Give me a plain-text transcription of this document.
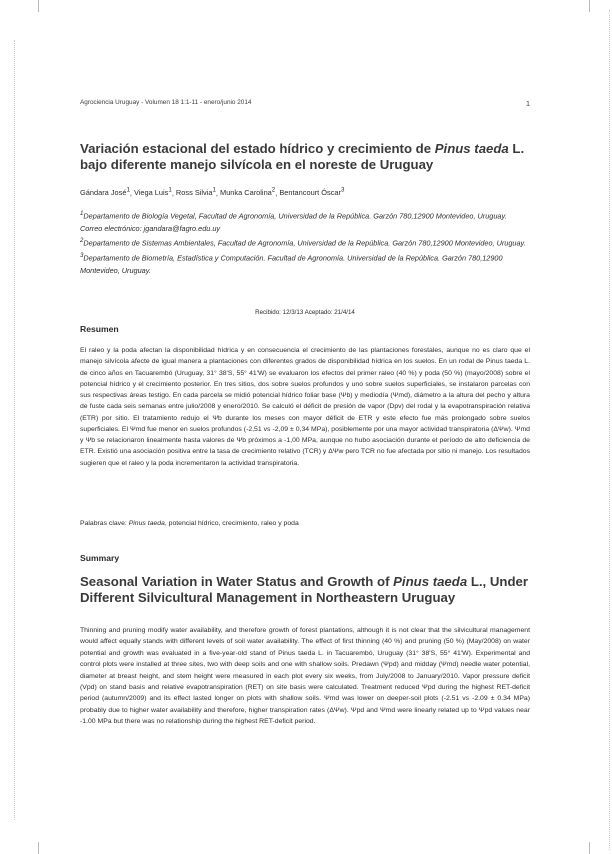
Agrociencia Uruguay - Volumen 18 1:1-11 - enero/junio 2014	1
Variación estacional del estado hídrico y crecimiento de Pinus taeda L.
bajo diferente manejo silvícola en el noreste de Uruguay
Gándara José$^1$, Viega Luis$^1$, Ross Silvia$^1$, Munka Carolina$^2$, Bentancourt Óscar$^3$

$^1$Departamento de Biología Vegetal, Facultad de Agronomía, Universidad de la República. Garzón 780,12900 Montevideo, Uruguay. Correo electrónico: jgandara@fagro.edu.uy

$^2$Departamento de Sistemas Ambientales, Facultad de Agronomía, Universidad de la República. Garzón 780,12900 Montevideo, Uruguay.

$^3$Departamento de Biometría, Estadística y Computación. Facultad de Agronomía. Universidad de la República. Garzón 780,12900 Montevideo, Uruguay.

Recibido: 12/3/13 Aceptado: 21/4/14
Resumen

El raleo y la poda afectan la disponibilidad hídrica y en consecuencia el crecimiento de las plantaciones forestales, aunque no es claro que el manejo silvícola afecte de igual manera a plantaciones con diferentes grados de disponibilidad hídrica en los suelos. En un rodal de Pinus taeda L. de cinco años en Tacuarembó (Uruguay, 31° 38'S, 55° 41'W) se evaluaron los efectos del primer raleo (40 %) y poda (50 %) (mayo/2008) sobre el potencial hídrico y el crecimiento posterior. En tres sitios, dos sobre suelos profundos y uno sobre suelos superficiales, se instalaron parcelas con sus respectivas áreas testigo. En cada parcela se midió potencial hídrico foliar base (Ψb) y mediodía (Ψmd), diámetro a la altura del pecho y altura de fuste cada seis semanas entre julio/2008 y enero/2010. Se calculó el déficit de presión de vapor (Dpv) del rodal y la evapotranspiración relativa (ETR) por sitio. El tratamiento redujo el Ψb durante los meses con mayor déficit de ETR y este efecto fue más prolongado sobre suelos superficiales. El Ψmd fue menor en suelos profundos (-2,51 vs -2,09 ± 0,34 MPa), posiblemente por una mayor actividad transpiratoria (ΔΨw). Ψmd y Ψb se relacionaron linealmente hasta valores de Ψb próximos a -1,00 MPa, aunque no hubo asociación durante el período de alto deficiencia de ETR. Existió una asociación positiva entre la tasa de crecimiento relativo (TCR) y ΔΨw pero TCR no fue afectada por sitio ni manejo. Los resultados sugieren que el raleo y la poda incrementaron la actividad transpiratoria.

Palabras clave: Pinus taeda, potencial hídrico, crecimiento, raleo y poda
Summary
Seasonal Variation in Water Status and Growth of Pinus taeda L., Under
Different Silvicultural Management in Northeastern Uruguay

Thinning and pruning modify water availability, and therefore growth of forest plantations, although it is not clear that the silvicultural management would affect equally stands with different levels of soil water availability. The effect of first thinning (40 %) and pruning (50 %) (May/2008) on water potential and growth was evaluated in a five-year-old stand of Pinus taeda L. in Tacuarembó, Uruguay (31° 38'S, 55° 41'W). Experimental and control plots were installed at three sites, two with deep soils and one with shallow soils. Predawn (Ψpd) and midday (Ψmd) needle water potential, diameter at breast height, and stem height were measured in each plot every six weeks, from July/2008 to January/2010. Vapor pressure deficit (Vpd) on stand basis and relative evapotranspiration (RET) on site basis were calculated. Treatment reduced Ψpd during the highest RET-deficit period (autumn/2009) and its effect lasted longer on plots with shallow soils. Ψmd was lower on deeper-soil plots (-2.51 vs -2.09 ± 0.34 MPa) probably due to higher water availability and therefore, higher transpiration rates (ΔΨw). Ψpd and Ψmd were linearly related up to Ψpd values near -1.00 MPa but there was no relationship during the highest RET-deficit period.
